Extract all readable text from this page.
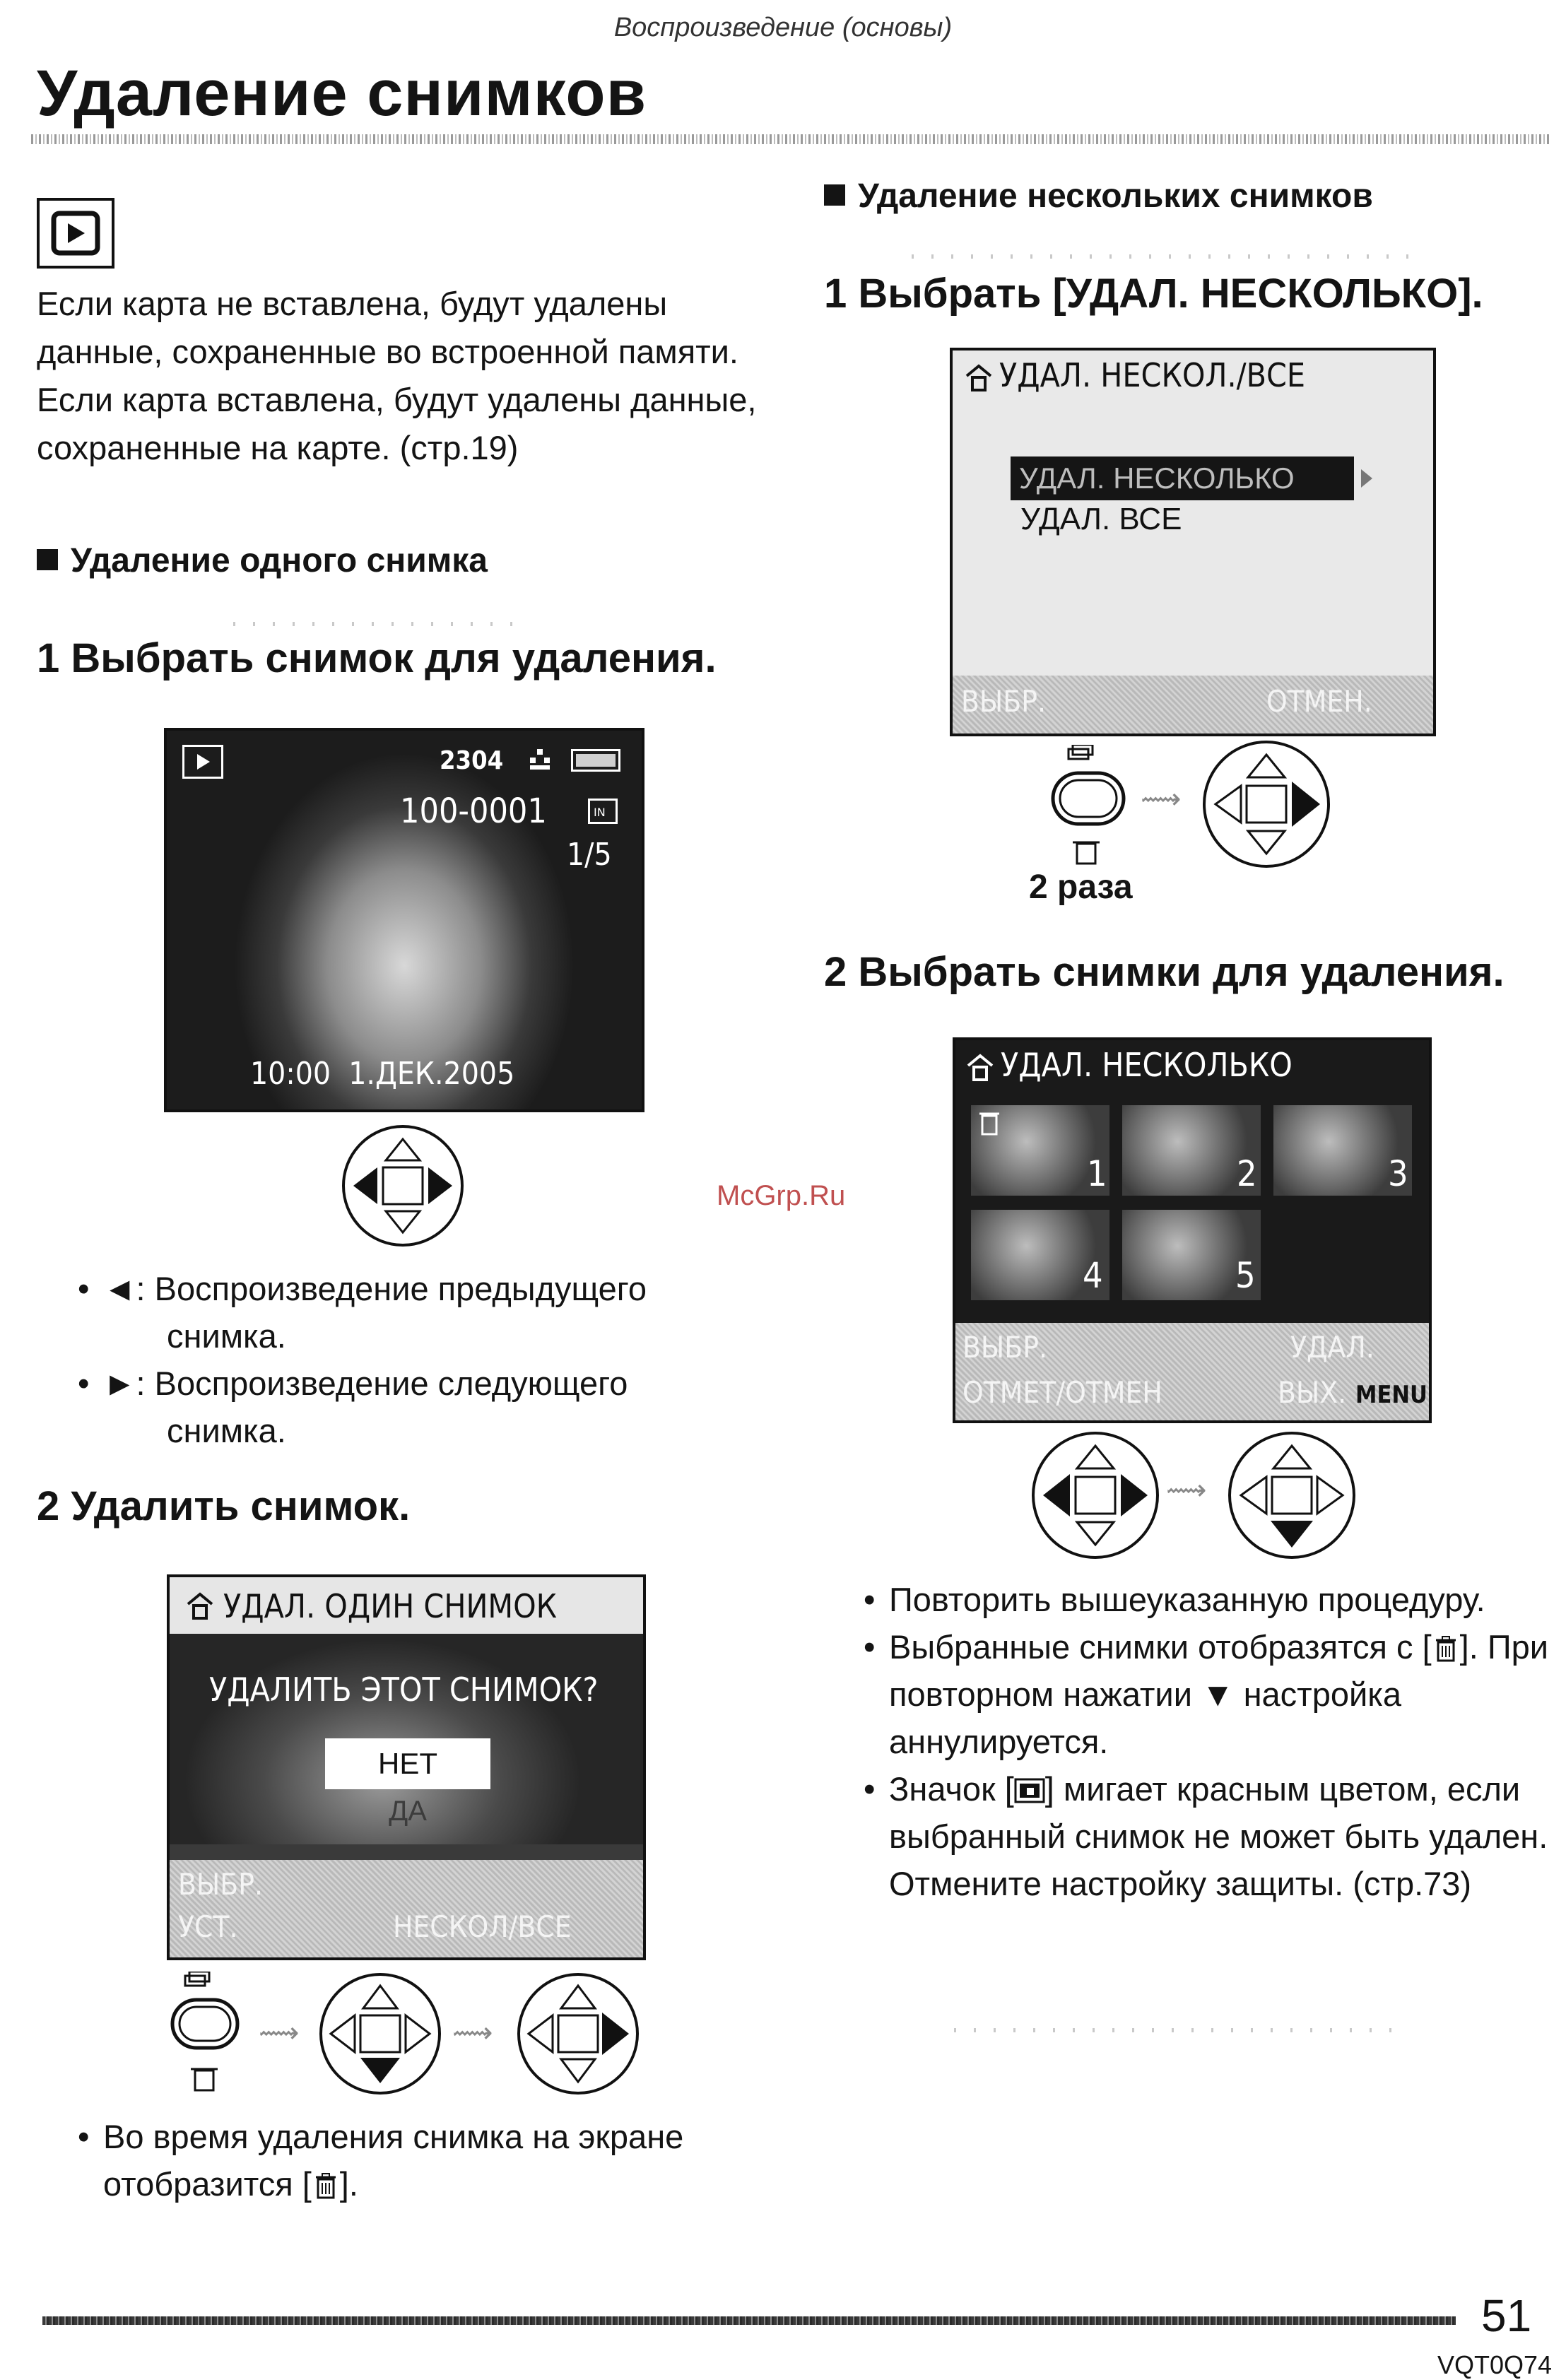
Воспроизведение (основы)
Удаление снимков
Если карта не вставлена, будут удалены данные, сохраненные во встроенной памяти. Если карта вставлена, будут удалены данные, сохраненные на карте. (стр.19)
Удаление одного снимка
1 Выбрать снимок для удаления.
2304
100-0001	IN
1/5
10:00  1.ДЕК.2005
• ◄: Воспроизведение предыдущего
снимка.
• ►: Воспроизведение следующего
снимка.
2 Удалить снимок.
УДАЛ. ОДИН СНИМОК
УДАЛИТЬ ЭТОТ СНИМОК?
НЕТ
ДА
ВЫБР.
УСТ.	НЕСКОЛ/ВСЕ
⟿	⟿
• Во время удаления снимка на экране отобразится [ ].
Удаление нескольких снимков
1 Выбрать [УДАЛ. НЕСКОЛЬКО].
УДАЛ. НЕСКОЛ./ВСЕ
УДАЛ. НЕСКОЛЬКО
УДАЛ. ВСЕ
ВЫБР.	ОТМЕН.
⟿
2 раза
2 Выбрать снимки для удаления.
УДАЛ. НЕСКОЛЬКО
1	2	3
4	5
ВЫБР.	УДАЛ.
ОТМЕТ/ОТМЕН	ВЫХ. MENU
⟿
• Повторить вышеуказанную процедуру.
• Выбранные снимки отобразятся с [ ]. При повторном нажатии ▼ настройка аннулируется.
• Значок [ ] мигает красным цветом, если выбранный снимок не может быть удален. Отмените настройку защиты. (стр.73)
McGrp.Ru
51
VQT0Q74
